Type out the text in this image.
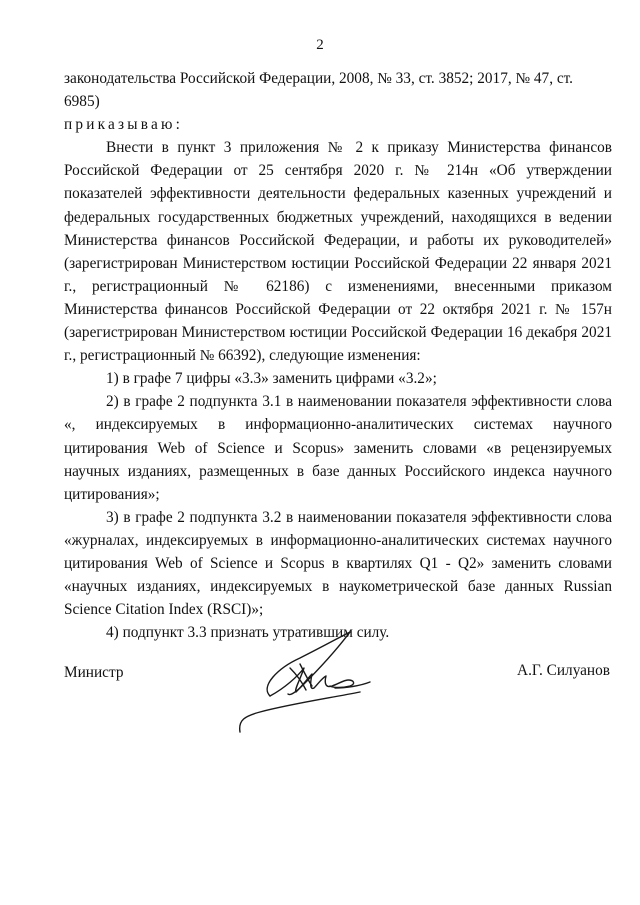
2
законодательства Российской Федерации, 2008, № 33, ст. 3852; 2017, № 47, ст. 6985)
приказываю:
Внести в пункт 3 приложения № 2 к приказу Министерства финансов Российской Федерации от 25 сентября 2020 г. № 214н «Об утверждении показателей эффективности деятельности федеральных казенных учреждений и федеральных государственных бюджетных учреждений, находящихся в ведении Министерства финансов Российской Федерации, и работы их руководителей» (зарегистрирован Министерством юстиции Российской Федерации 22 января 2021 г., регистрационный № 62186) с изменениями, внесенными приказом Министерства финансов Российской Федерации от 22 октября 2021 г. № 157н (зарегистрирован Министерством юстиции Российской Федерации 16 декабря 2021 г., регистрационный № 66392), следующие изменения:
1) в графе 7 цифры «3.3» заменить цифрами «3.2»;
2) в графе 2 подпункта 3.1 в наименовании показателя эффективности слова «, индексируемых в информационно-аналитических системах научного цитирования Web of Science и Scopus» заменить словами «в рецензируемых научных изданиях, размещенных в базе данных Российского индекса научного цитирования»;
3) в графе 2 подпункта 3.2 в наименовании показателя эффективности слова «журналах, индексируемых в информационно-аналитических системах научного цитирования Web of Science и Scopus в квартилях Q1 - Q2» заменить словами «научных изданиях, индексируемых в наукометрической базе данных Russian Science Citation Index (RSCI)»;
4) подпункт 3.3 признать утратившим силу.
Министр	А.Г. Силуанов
